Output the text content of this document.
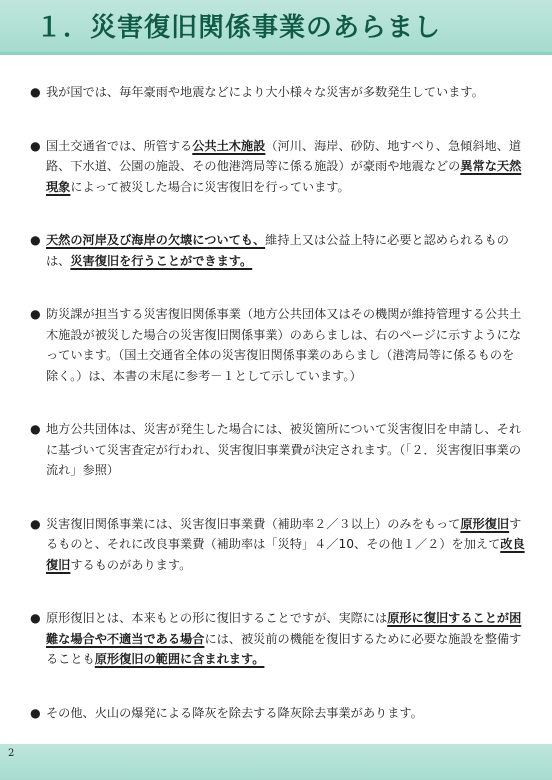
１．災害復旧関係事業のあらまし
● 我が国では、毎年豪雨や地震などにより大小様々な災害が多数発生しています。
● 国土交通省では、所管する公共土木施設（河川、海岸、砂防、地すべり、急傾斜地、道路、下水道、公園の施設、その他港湾局等に係る施設）が豪雨や地震などの異常な天然現象によって被災した場合に災害復旧を行っています。
● 天然の河岸及び海岸の欠壊についても、維持上又は公益上特に必要と認められるものは、災害復旧を行うことができます。
● 防災課が担当する災害復旧関係事業（地方公共団体又はその機関が維持管理する公共土木施設が被災した場合の災害復旧関係事業）のあらましは、右のページに示すようになっています。（国土交通省全体の災害復旧関係事業のあらまし（港湾局等に係るものを除く。）は、本書の末尾に参考－１として示しています。）
● 地方公共団体は、災害が発生した場合には、被災箇所について災害復旧を申請し、それに基づいて災害査定が行われ、災害復旧事業費が決定されます。（「２．災害復旧事業の流れ」参照）
● 災害復旧関係事業には、災害復旧事業費（補助率２／３以上）のみをもって原形復旧するものと、それに改良事業費（補助率は「災特」４／10、その他１／２）を加えて改良復旧するものがあります。
● 原形復旧とは、本来もとの形に復旧することですが、実際には原形に復旧することが困難な場合や不適当である場合には、被災前の機能を復旧するために必要な施設を整備することも原形復旧の範囲に含まれます。
● その他、火山の爆発による降灰を除去する降灰除去事業があります。
2
